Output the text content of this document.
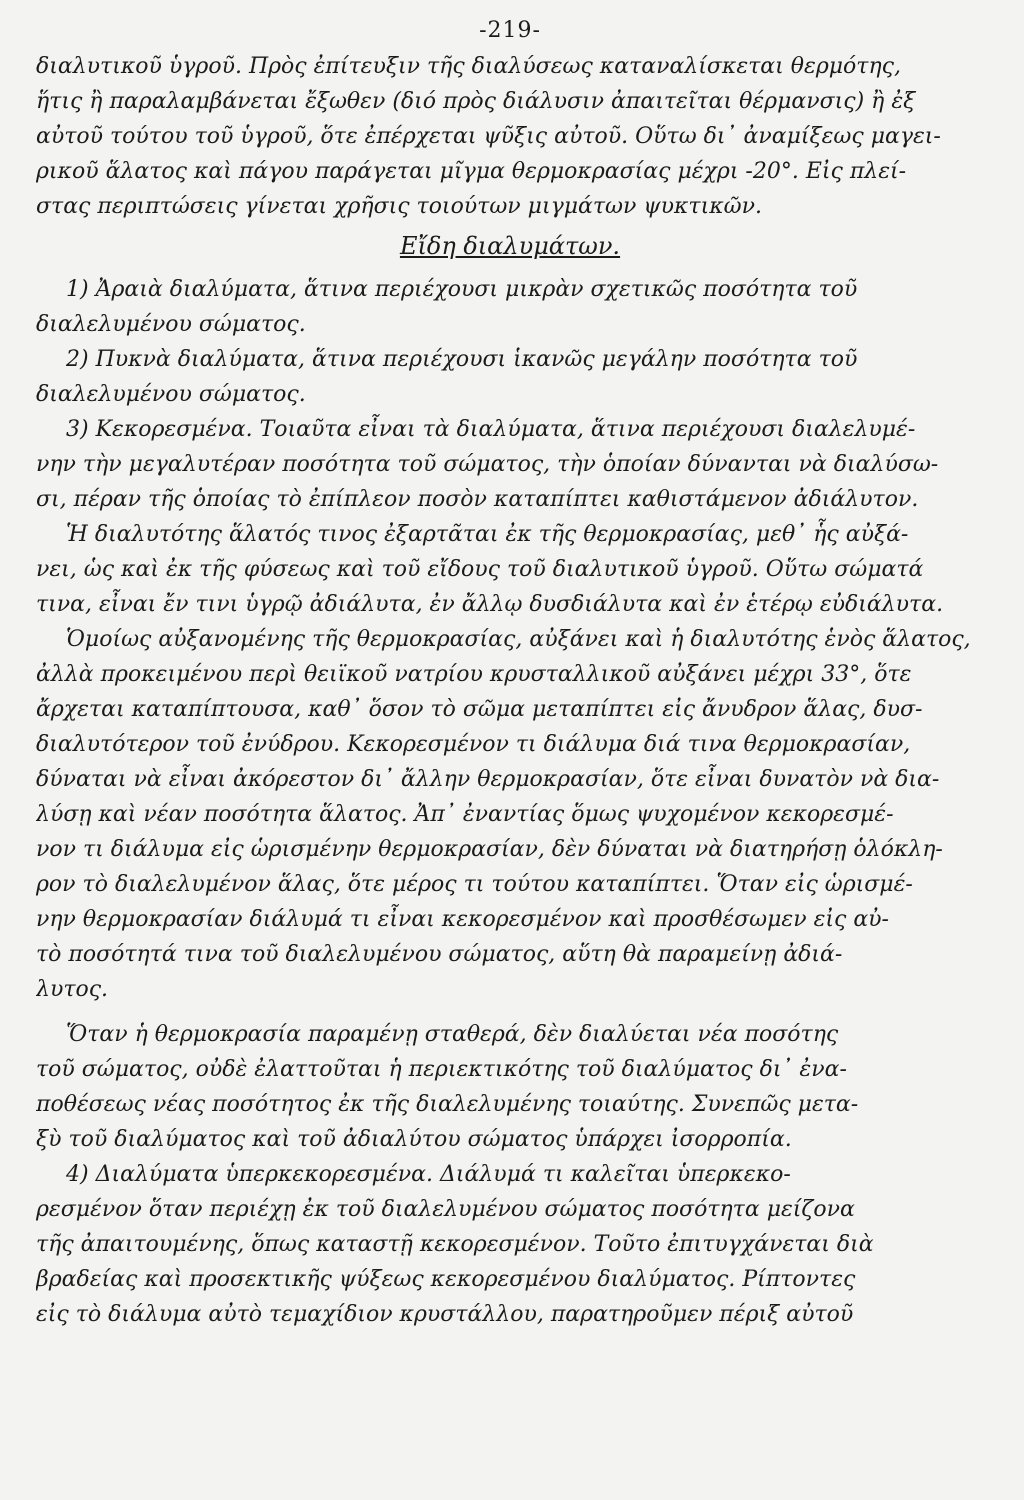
-219-
διαλυτικοῦ ὑγροῦ. Πρὸς ἐπίτευξιν τῆς διαλύσεως καταναλίσκεται θερμότης,
ἥτις ἢ παραλαμβάνεται ἔξωθεν (διό πρὸς διάλυσιν ἀπαιτεῖται θέρμανσις) ἢ ἐξ
αὐτοῦ τούτου τοῦ ὑγροῦ, ὅτε ἐπέρχεται ψῦξις αὐτοῦ. Οὕτω δι᾽ ἀναμίξεως μαγει-
ρικοῦ ἅλατος καὶ πάγου παράγεται μῖγμα θερμοκρασίας μέχρι -20°. Εἰς πλεί-
στας περιπτώσεις γίνεται χρῆσις τοιούτων μιγμάτων ψυκτικῶν.
Εἴδη διαλυμάτων.
1) Ἀραιὰ διαλύματα, ἅτινα περιέχουσι μικρὰν σχετικῶς ποσότητα τοῦ
διαλελυμένου σώματος.
2) Πυκνὰ διαλύματα, ἅτινα περιέχουσι ἱκανῶς μεγάλην ποσότητα τοῦ
διαλελυμένου σώματος.
3) Κεκορεσμένα. Τοιαῦτα εἶναι τὰ διαλύματα, ἅτινα περιέχουσι διαλελυμέ-
νην τὴν μεγαλυτέραν ποσότητα τοῦ σώματος, τὴν ὁποίαν δύνανται νὰ διαλύσω-
σι, πέραν τῆς ὁποίας τὸ ἐπίπλεον ποσὸν καταπίπτει καθιστάμενον ἀδιάλυτον.
Ἡ διαλυτότης ἅλατός τινος ἐξαρτᾶται ἐκ τῆς θερμοκρασίας, μεθ᾽ ἧς αὐξά-
νει, ὡς καὶ ἐκ τῆς φύσεως καὶ τοῦ εἴδους τοῦ διαλυτικοῦ ὑγροῦ. Οὕτω σώματά
τινα, εἶναι ἔν τινι ὑγρῷ ἀδιάλυτα, ἐν ἄλλῳ δυσδιάλυτα καὶ ἐν ἑτέρῳ εὐδιάλυτα.
Ὁμοίως αὐξανομένης τῆς θερμοκρασίας, αὐξάνει καὶ ἡ διαλυτότης ἑνὸς ἅλατος,
ἀλλὰ προκειμένου περὶ θειϊκοῦ νατρίου κρυσταλλικοῦ αὐξάνει μέχρι 33°, ὅτε
ἄρχεται καταπίπτουσα, καθ᾽ ὅσον τὸ σῶμα μεταπίπτει εἰς ἄνυδρον ἅλας, δυσ-
διαλυτότερον τοῦ ἐνύδρου. Κεκορεσμένον τι διάλυμα διά τινα θερμοκρασίαν,
δύναται νὰ εἶναι ἀκόρεστον δι᾽ ἄλλην θερμοκρασίαν, ὅτε εἶναι δυνατὸν νὰ δια-
λύσῃ καὶ νέαν ποσότητα ἅλατος. Ἀπ᾽ ἐναντίας ὅμως ψυχομένον κεκορεσμέ-
νον τι διάλυμα εἰς ὡρισμένην θερμοκρασίαν, δὲν δύναται νὰ διατηρήσῃ ὁλόκλη-
ρον τὸ διαλελυμένον ἅλας, ὅτε μέρος τι τούτου καταπίπτει. Ὅταν εἰς ὡρισμέ-
νην θερμοκρασίαν διάλυμά τι εἶναι κεκορεσμένον καὶ προσθέσωμεν εἰς αὐ-
τὸ ποσότητά τινα τοῦ διαλελυμένου σώματος, αὕτη θὰ παραμείνῃ ἀδιά-
λυτος.
Ὅταν ἡ θερμοκρασία παραμένῃ σταθερά, δὲν διαλύεται νέα ποσότης
τοῦ σώματος, οὐδὲ ἐλαττοῦται ἡ περιεκτικότης τοῦ διαλύματος δι᾽ ἐνα-
ποθέσεως νέας ποσότητος ἐκ τῆς διαλελυμένης τοιαύτης. Συνεπῶς μετα-
ξὺ τοῦ διαλύματος καὶ τοῦ ἀδιαλύτου σώματος ὑπάρχει ἰσορροπία.
4) Διαλύματα ὑπερκεκορεσμένα. Διάλυμά τι καλεῖται ὑπερκεκο-
ρεσμένον ὅταν περιέχῃ ἐκ τοῦ διαλελυμένου σώματος ποσότητα μείζονα
τῆς ἀπαιτουμένης, ὅπως καταστῇ κεκορεσμένον. Τοῦτο ἐπιτυγχάνεται διὰ
βραδείας καὶ προσεκτικῆς ψύξεως κεκορεσμένου διαλύματος. Ρίπτοντες
εἰς τὸ διάλυμα αὐτὸ τεμαχίδιον κρυστάλλου, παρατηροῦμεν πέριξ αὐτοῦ
